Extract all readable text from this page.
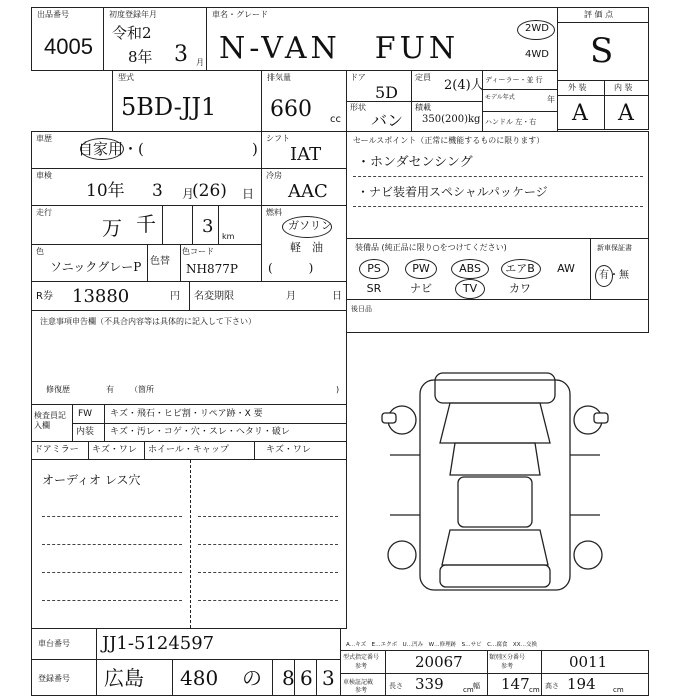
出品番号
4005
初度登録年月
令和2
8年 3 月
車名・グレード
N-VAN　FUN
2WD
4WD
評 価 点
S
外 装	内 装
A A
型式
5BD-JJ1
排気量
660 cc
ドア
5D
形状
バン
定員
2(4)人
積載
350(200)kg
ディーラー・並 行
モデル年式	年
ハンドル 左・右
車歴
自家用・(	)
シフト
IAT
車検
10年 3 月
(26) 日
冷房
AAC
走行
万 千	3 km
燃料
ガソリン
軽　油
(　　　)
色
ソニックグレーP 色替
色コード
NH877P
R券 13880	円 名変期限	月	日
注意事項申告欄（不具合内容等は具体的に記入して下さい）
修復歴	有 （箇所	)
検査員記入欄
FW キズ・飛石・ヒビ割・リペア跡・X 要
内装 キズ・汚レ・コゲ・穴・スレ・ヘタリ・破レ
ドアミラー キズ・ワレ ホイール・キャップ	キズ・ワレ
オーディオ レス穴
セールスポイント（正常に機能するものに限ります）
・ホンダセンシング
・ナビ装着用スペシャルパッケージ
装備品 (純正品に限り○をつけてください)
PS	PW	ABS	エアB	AW
SR	ナビ	TV	カワ
新車保証書
有・無
後日品
車台番号 JJ1-5124597
登録番号 広島 480 の 8 6 3
A…キズ　E…エクボ　U…凹み　W…修理跡　S…サビ　C…腐食　XX…交換
型式指定番号
参考	20067	類別区分番号
参考	0011
車検証記載
参考
長さ 339	cm 幅 147 cm 高さ 194 cm
